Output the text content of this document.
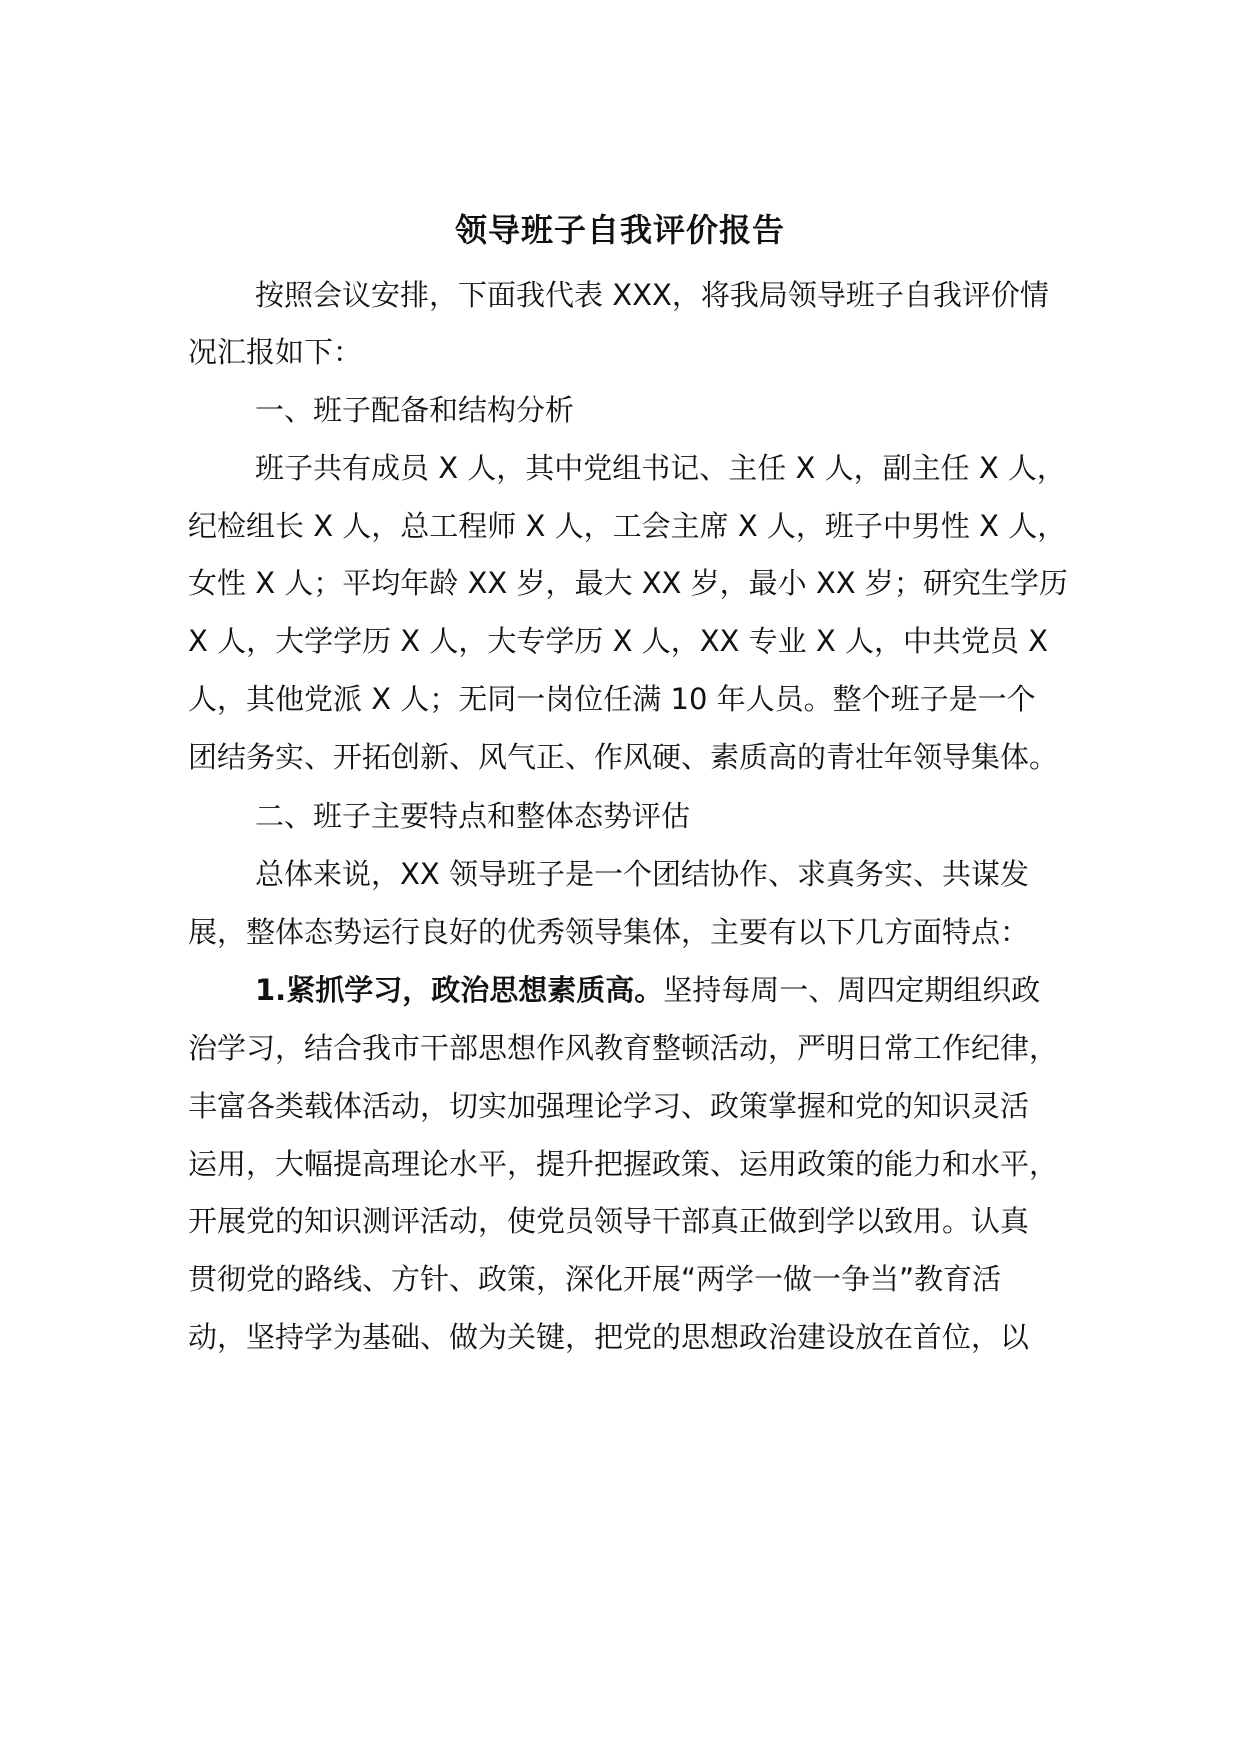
领导班子自我评价报告

按照会议安排，下面我代表 XXX，将我局领导班子自我评价情

况汇报如下：

一、班子配备和结构分析

班子共有成员 X 人，其中党组书记、主任 X 人，副主任 X 人，

纪检组长 X 人，总工程师 X 人，工会主席 X 人，班子中男性 X 人，

女性 X 人；平均年龄 XX 岁，最大 XX 岁，最小 XX 岁；研究生学历

X 人，大学学历 X 人，大专学历 X 人，XX 专业 X 人，中共党员 X

人，其他党派 X 人；无同一岗位任满 10 年人员。整个班子是一个

团结务实、开拓创新、风气正、作风硬、素质高的青壮年领导集体。

二、班子主要特点和整体态势评估

总体来说，XX 领导班子是一个团结协作、求真务实、共谋发

展，整体态势运行良好的优秀领导集体，主要有以下几方面特点：

1.紧抓学习，政治思想素质高。坚持每周一、周四定期组织政

治学习，结合我市干部思想作风教育整顿活动，严明日常工作纪律，

丰富各类载体活动，切实加强理论学习、政策掌握和党的知识灵活

运用，大幅提高理论水平，提升把握政策、运用政策的能力和水平，

开展党的知识测评活动，使党员领导干部真正做到学以致用。认真

贯彻党的路线、方针、政策，深化开展“两学一做一争当”教育活

动，坚持学为基础、做为关键，把党的思想政治建设放在首位，以
